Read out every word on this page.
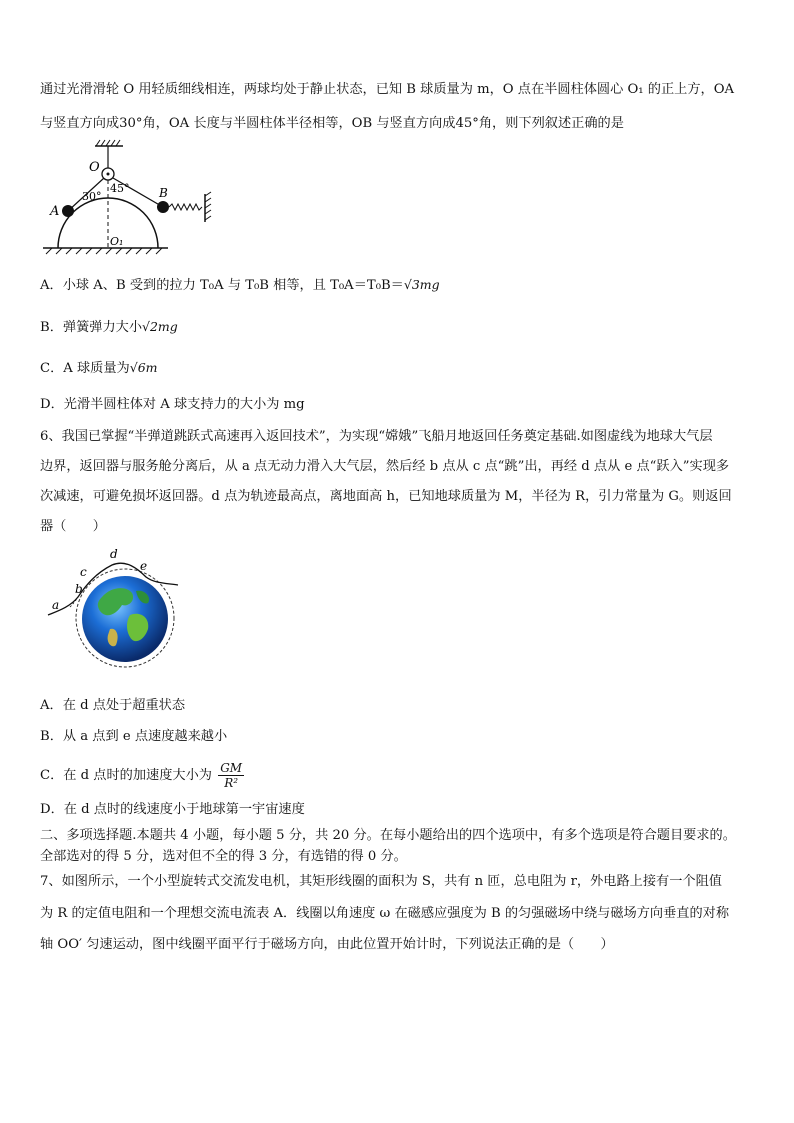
通过光滑滑轮 O 用轻质细线相连，两球均处于静止状态，已知 B 球质量为 m，O 点在半圆柱体圆心 O₁ 的正上方，OA
与竖直方向成30°角，OA 长度与半圆柱体半径相等，OB 与竖直方向成45°角，则下列叙述正确的是
O
A
B
O₁
30°
45°
A．小球 A、B 受到的拉力 T₀A 与 T₀B 相等，且 T₀A＝T₀B＝√3mg
B．弹簧弹力大小√2mg
C．A 球质量为√6m
D．光滑半圆柱体对 A 球支持力的大小为 mg
6、我国已掌握“半弹道跳跃式高速再入返回技术”，为实现“嫦娥”飞船月地返回任务奠定基础.如图虚线为地球大气层
边界，返回器与服务舱分离后，从 a 点无动力滑入大气层，然后经 b 点从 c 点“跳”出，再经 d 点从 e 点“跃入”实现多
次减速，可避免损坏返回器。d 点为轨迹最高点，离地面高 h，已知地球质量为 M，半径为 R，引力常量为 G。则返回
器（　　）
a
b
c
d
e
A．在 d 点处于超重状态
B．从 a 点到 e 点速度越来越小
C．在 d 点时的加速度大小为 $\frac{GM}{\text{R²}}$
D．在 d 点时的线速度小于地球第一宇宙速度
二、多项选择题.本题共 4 小题，每小题 5 分，共 20 分。在每小题给出的四个选项中，有多个选项是符合题目要求的。
全部选对的得 5 分，选对但不全的得 3 分，有选错的得 0 分。
7、如图所示，一个小型旋转式交流发电机，其矩形线圈的面积为 S，共有 n 匝，总电阻为 r，外电路上接有一个阻值
为 R 的定值电阻和一个理想交流电流表 A．线圈以角速度 ω 在磁感应强度为 B 的匀强磁场中绕与磁场方向垂直的对称
轴 OO′ 匀速运动，图中线圈平面平行于磁场方向，由此位置开始计时，下列说法正确的是（　　）
